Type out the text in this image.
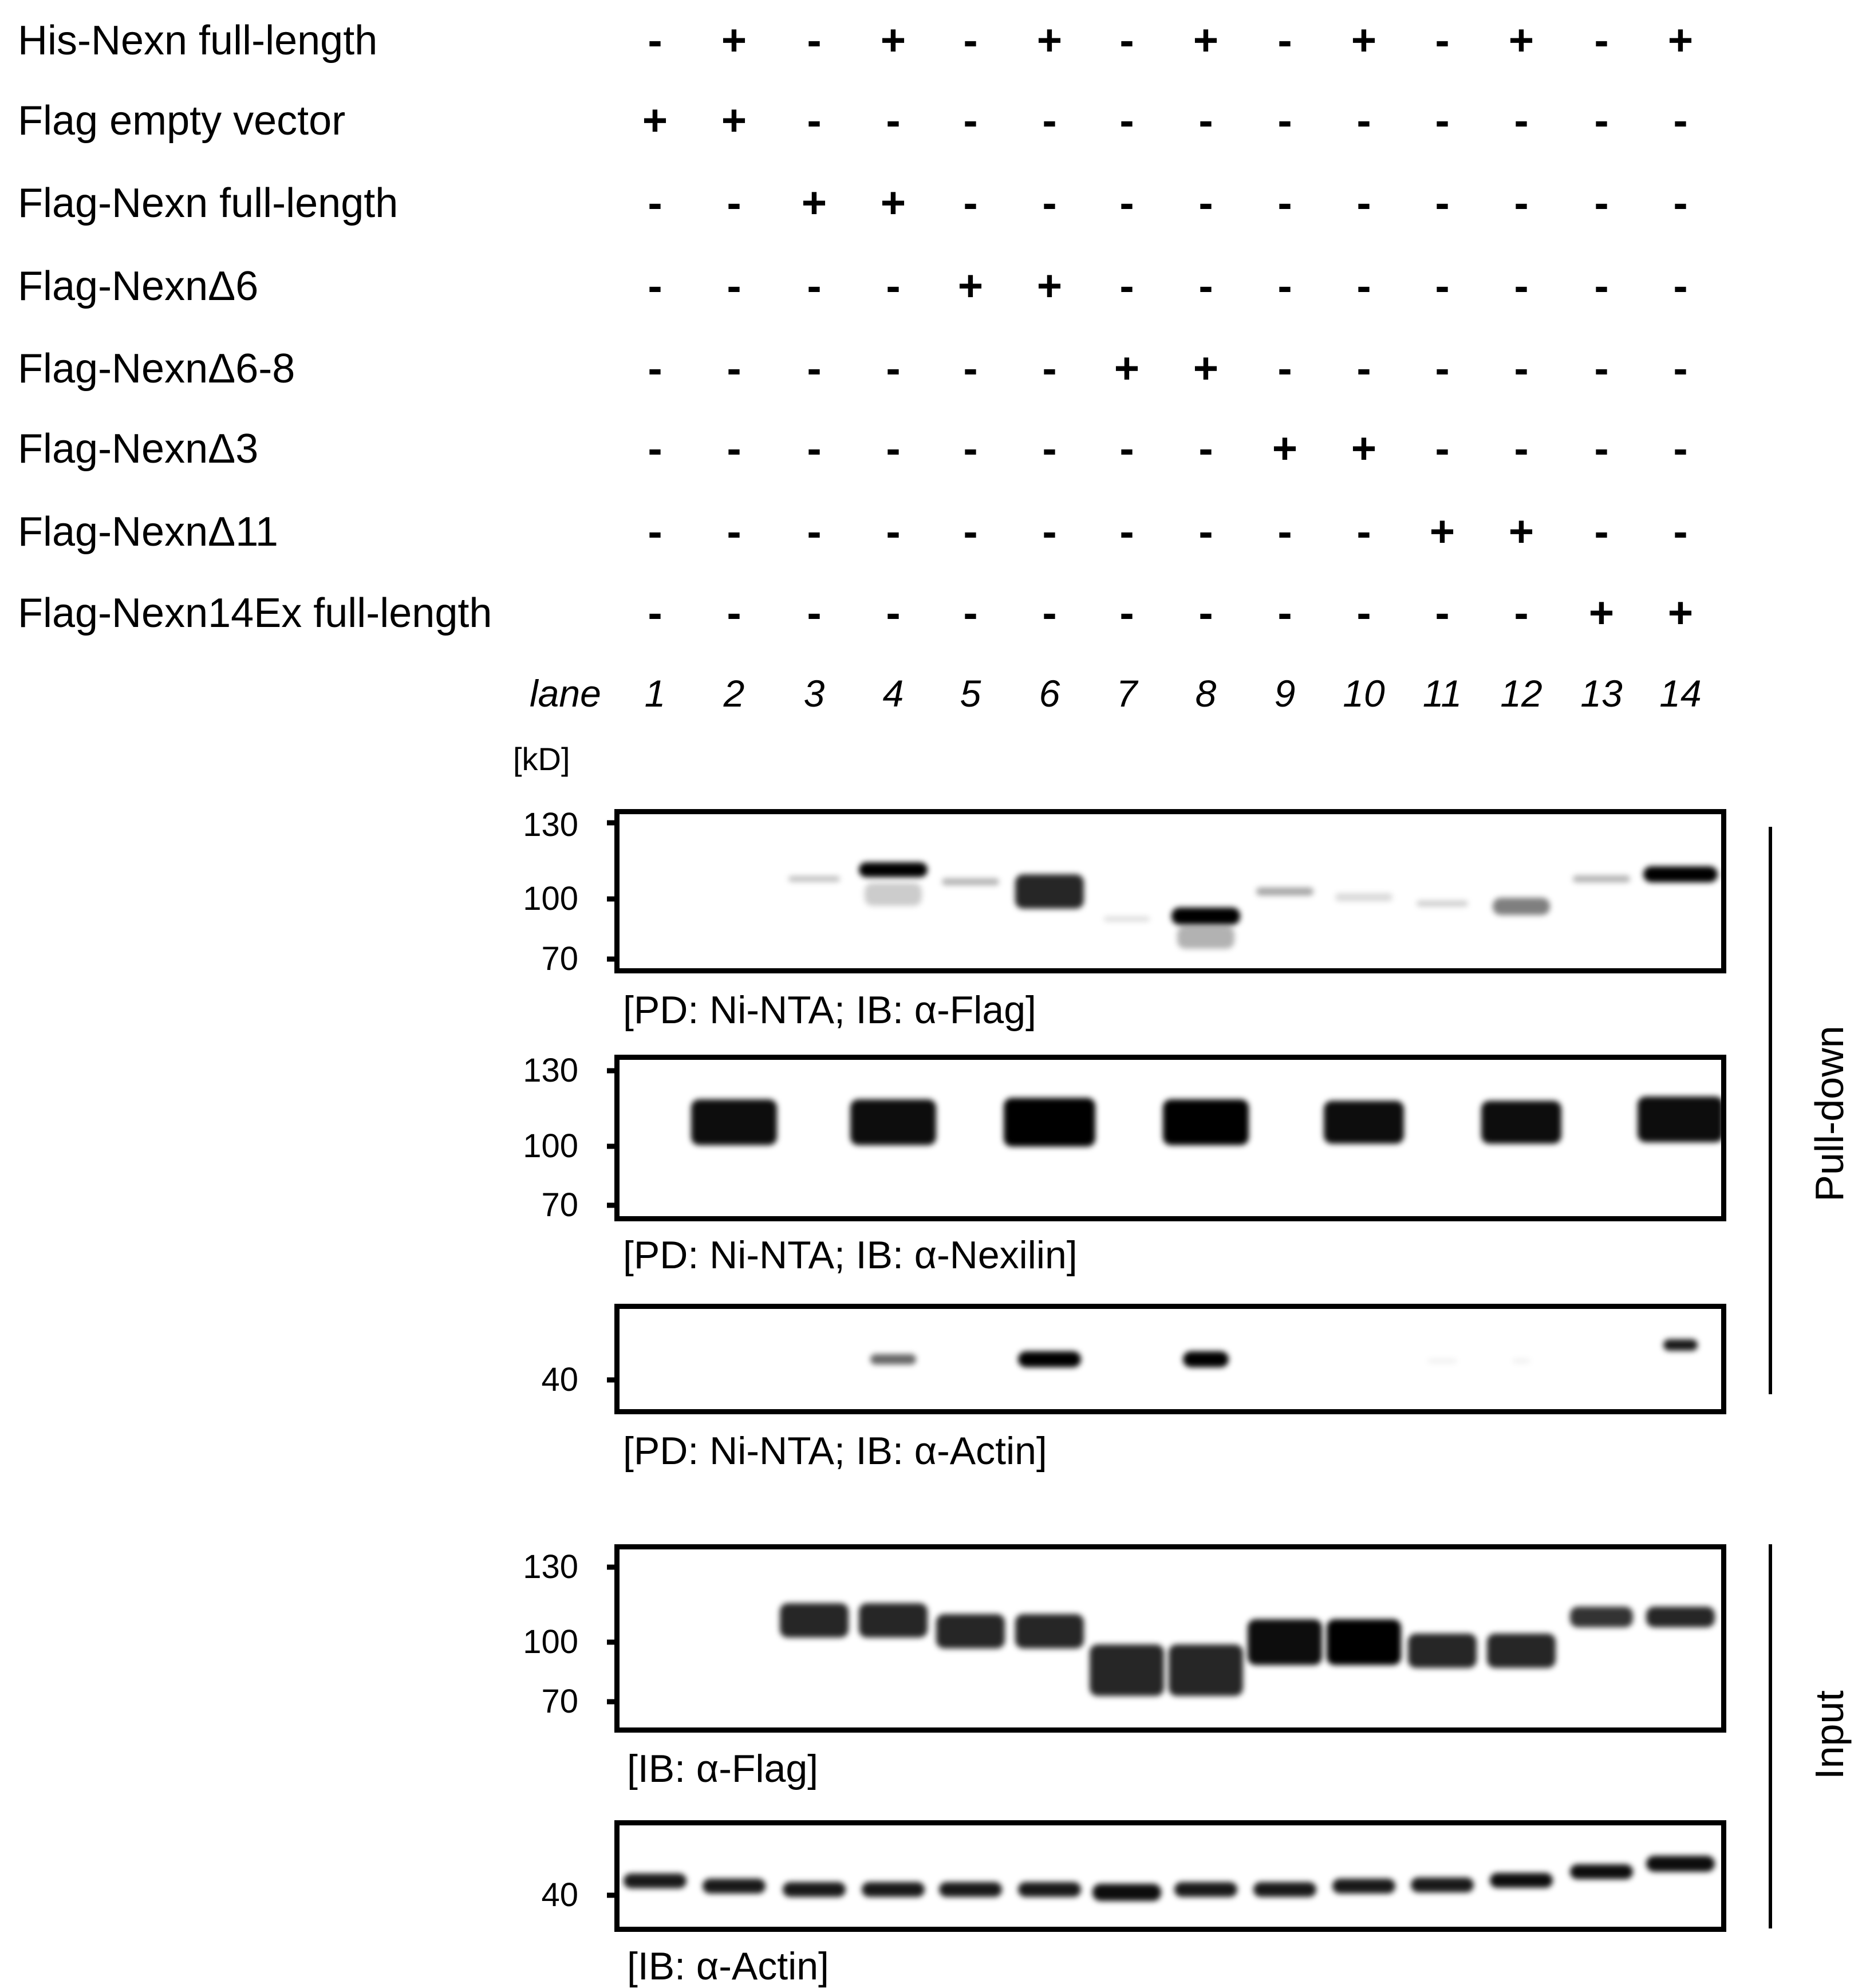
His-Nexn full-length	- + - + - + - + - + - + - +
Flag empty vector	+ + - - - - - - - - - - - -
Flag-Nexn full-length	- - + + - - - - - - - - - -
Flag-NexnΔ6	- - - - + + - - - - - - - -
Flag-NexnΔ6-8	- - - - - - + + - - - - - -
Flag-NexnΔ3	- - - - - - - - + + - - - -
Flag-NexnΔ11	- - - - - - - - - - + + - -
Flag-Nexn14Ex full-length	- - - - - - - - - - - - + +
lane 1 2 3 4 5 6 7 8 9 10 11 12 13 14
[kD]
130
100
70
[PD: Ni-NTA; IB: α-Flag]
130
100
70
[PD: Ni-NTA; IB: α-Nexilin]
40
[PD: Ni-NTA; IB: α-Actin]
130
100
70
[IB: α-Flag]
40
[IB: α-Actin]
Pull-down
Input
